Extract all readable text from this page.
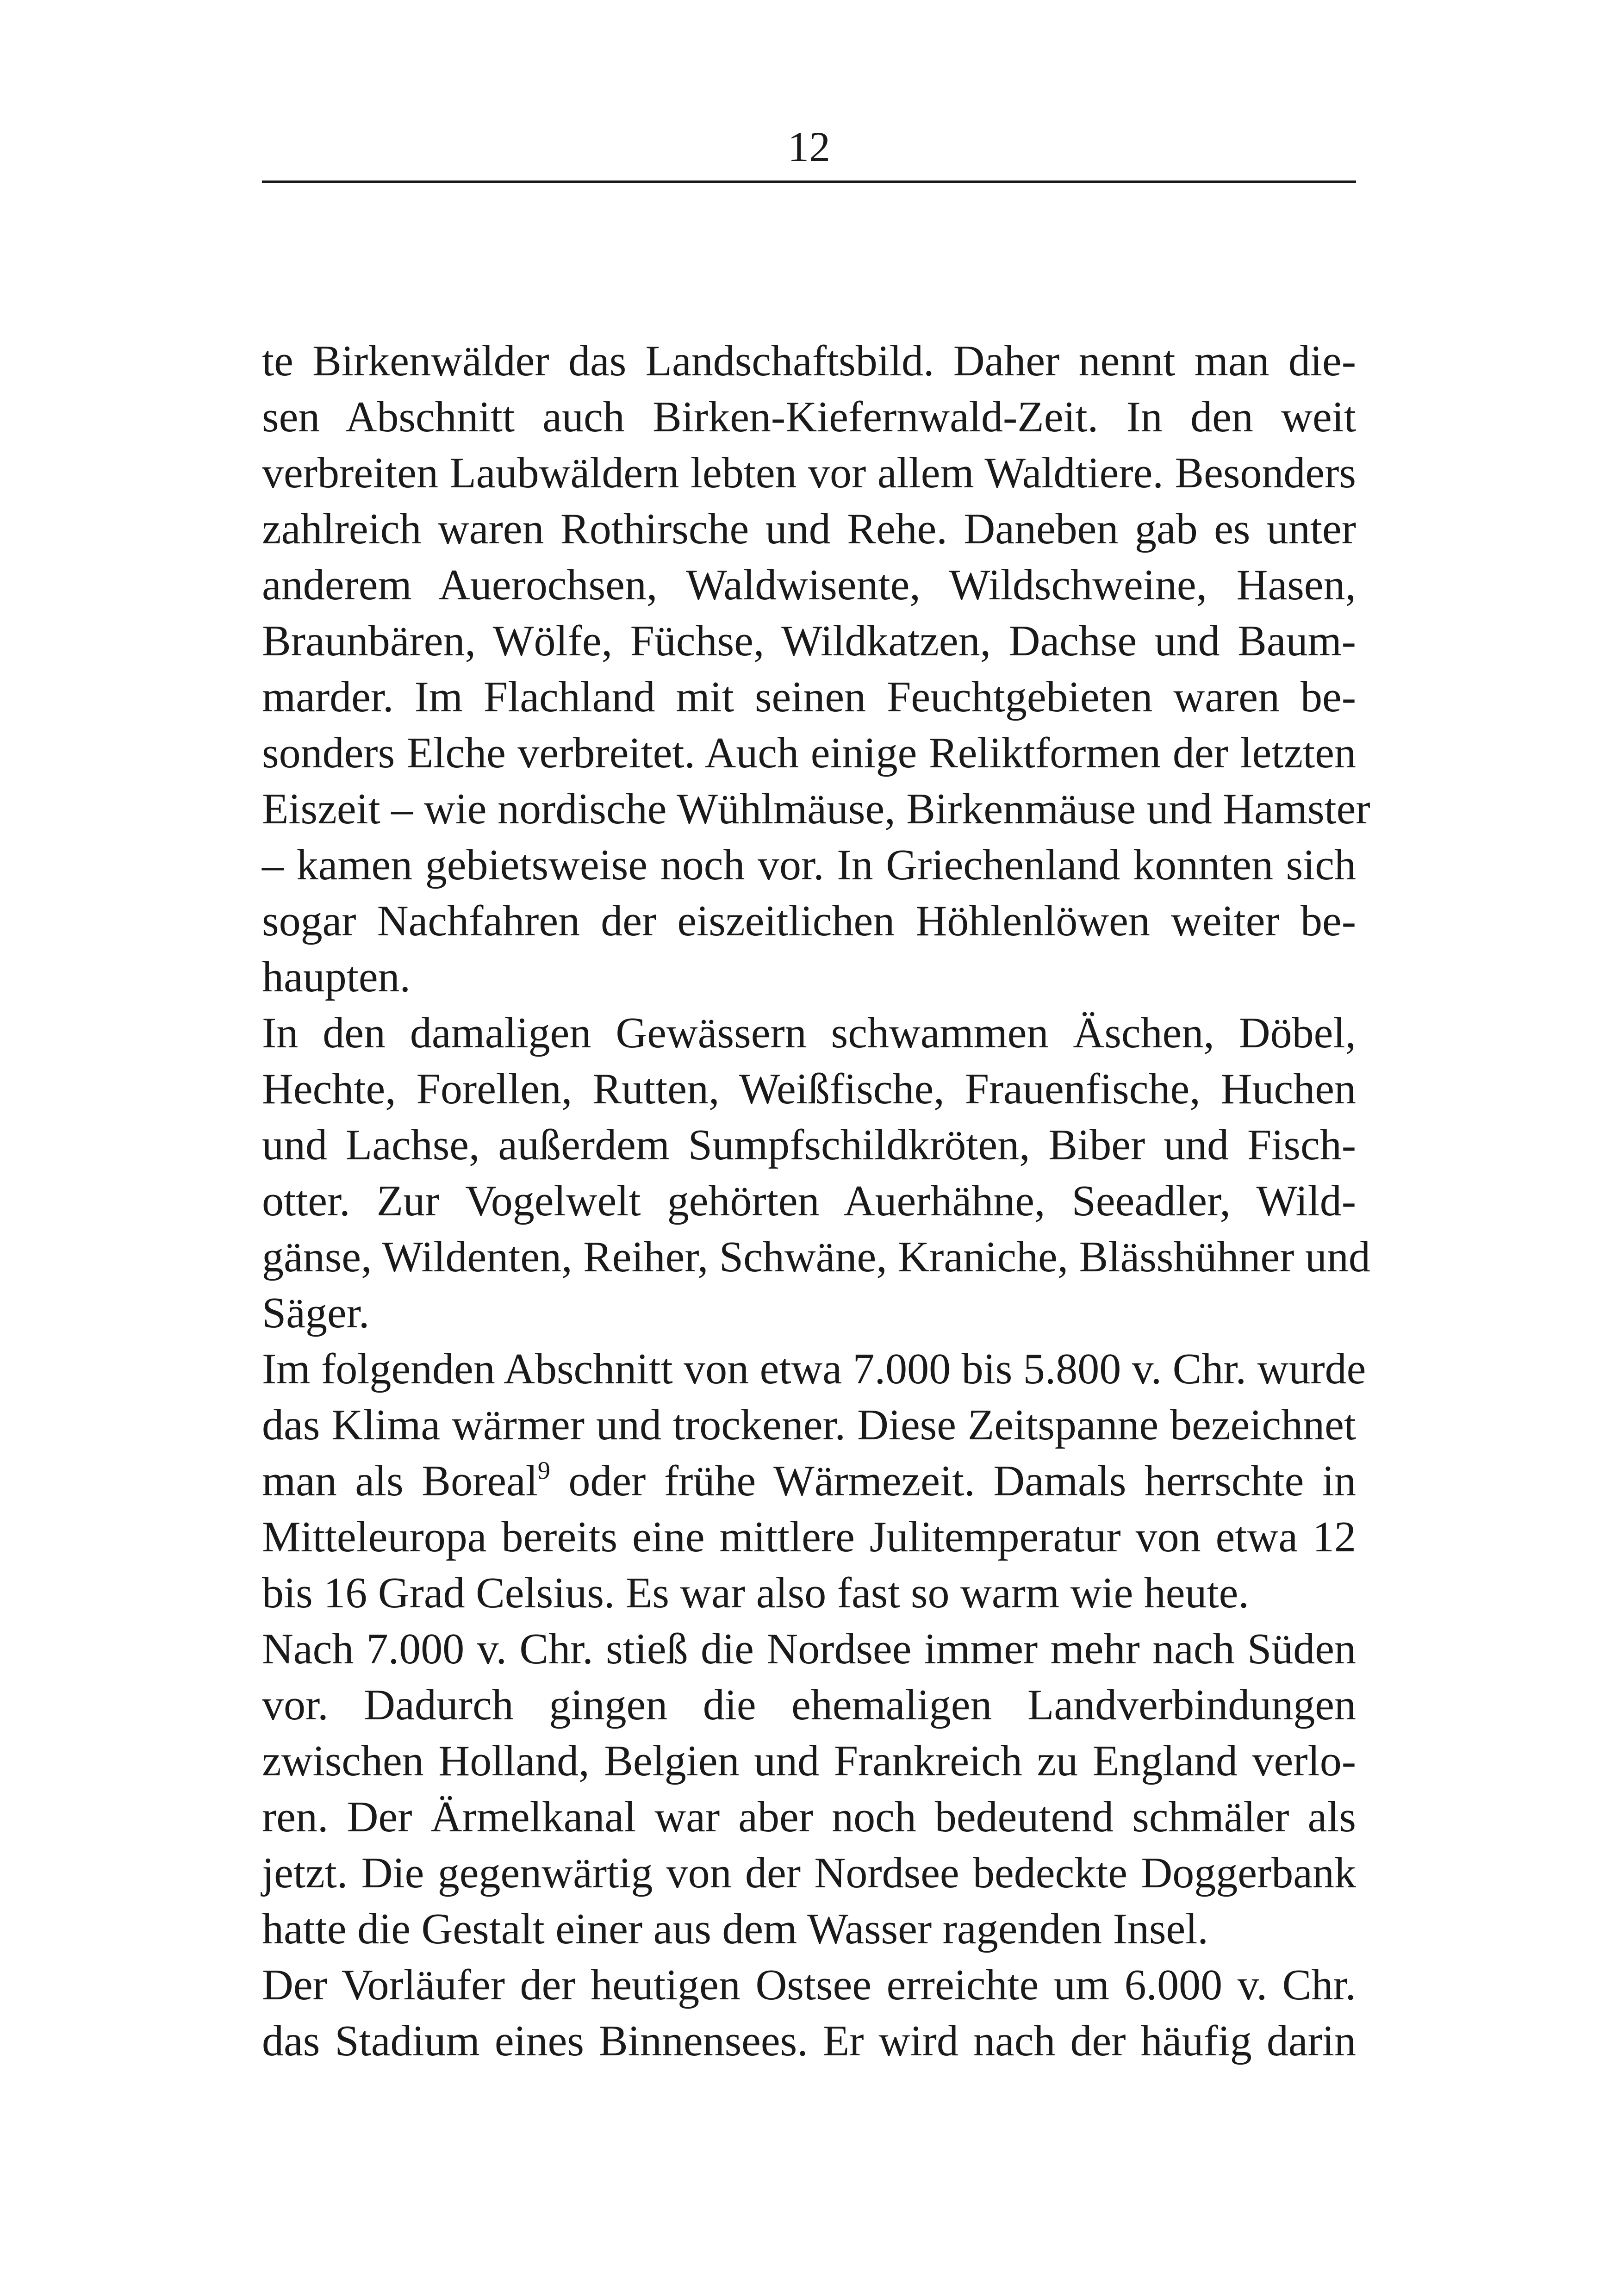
12
te Birkenwälder das Landschaftsbild. Daher nennt man die-
sen Abschnitt auch Birken-Kiefernwald-Zeit. In den weit
verbreiten Laubwäldern lebten vor allem Waldtiere. Besonders
zahlreich waren Rothirsche und Rehe. Daneben gab es unter
anderem Auerochsen, Waldwisente, Wildschweine, Hasen,
Braunbären, Wölfe, Füchse, Wildkatzen, Dachse und Baum-
marder. Im Flachland mit seinen Feuchtgebieten waren be-
sonders Elche verbreitet. Auch einige Reliktformen der letzten
Eiszeit – wie nordische Wühlmäuse, Birkenmäuse und Hamster
– kamen gebietsweise noch vor. In Griechenland konnten sich
sogar Nachfahren der eiszeitlichen Höhlenlöwen weiter be-
haupten.
In den damaligen Gewässern schwammen Äschen, Döbel,
Hechte, Forellen, Rutten, Weißfische, Frauenfische, Huchen
und Lachse, außerdem Sumpfschildkröten, Biber und Fisch-
otter. Zur Vogelwelt gehörten Auerhähne, Seeadler, Wild-
gänse, Wildenten, Reiher, Schwäne, Kraniche, Blässhühner und
Säger.
Im folgenden Abschnitt von etwa 7.000 bis 5.800 v. Chr. wurde
das Klima wärmer und trockener. Diese Zeitspanne bezeichnet
man als Boreal$^9$ oder frühe Wärmezeit. Damals herrschte in
Mitteleuropa bereits eine mittlere Julitemperatur von etwa 12
bis 16 Grad Celsius. Es war also fast so warm wie heute.
Nach 7.000 v. Chr. stieß die Nordsee immer mehr nach Süden
vor. Dadurch gingen die ehemaligen Landverbindungen
zwischen Holland, Belgien und Frankreich zu England verlo-
ren. Der Ärmelkanal war aber noch bedeutend schmäler als
jetzt. Die gegenwärtig von der Nordsee bedeckte Doggerbank
hatte die Gestalt einer aus dem Wasser ragenden Insel.
Der Vorläufer der heutigen Ostsee erreichte um 6.000 v. Chr.
das Stadium eines Binnensees. Er wird nach der häufig darin
